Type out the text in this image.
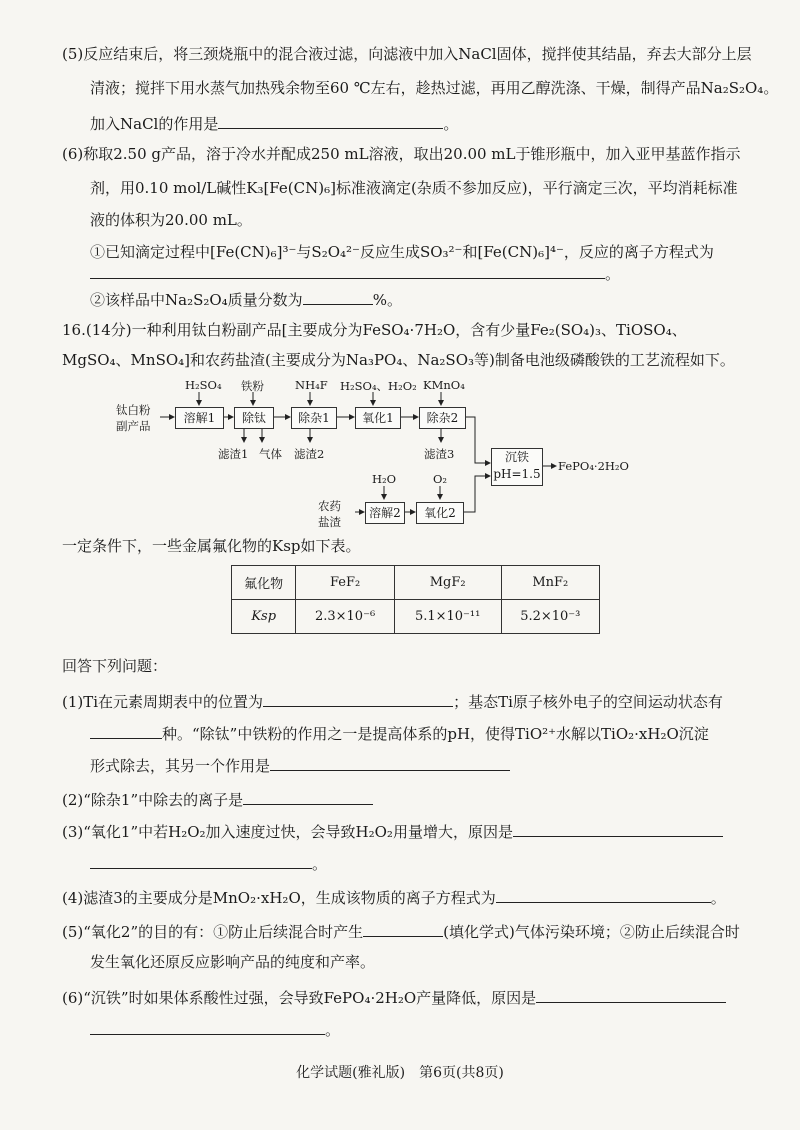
(5)反应结束后，将三颈烧瓶中的混合液过滤，向滤液中加入NaCl固体，搅拌使其结晶，弃去大部分上层
清液；搅拌下用水蒸气加热残余物至60 ℃左右，趁热过滤，再用乙醇洗涤、干燥，制得产品Na₂S₂O₄。
加入NaCl的作用是	。
(6)称取2.50 g产品，溶于冷水并配成250 mL溶液，取出20.00 mL于锥形瓶中，加入亚甲基蓝作指示
剂，用0.10 mol/L碱性K₃[Fe(CN)₆]标准液滴定(杂质不参加反应)，平行滴定三次，平均消耗标准
液的体积为20.00 mL。
①已知滴定过程中[Fe(CN)₆]³⁻与S₂O₄²⁻反应生成SO₃²⁻和[Fe(CN)₆]⁴⁻，反应的离子方程式为
。
②该样品中Na₂S₂O₄质量分数为	%。
16.(14分)一种利用钛白粉副产品[主要成分为FeSO₄·7H₂O，含有少量Fe₂(SO₄)₃、TiOSO₄、
MgSO₄、MnSO₄]和农药盐渣(主要成分为Na₃PO₄、Na₂SO₃等)制备电池级磷酸铁的工艺流程如下。
钛白粉
副产品
农药
盐渣
H₂SO₄ 铁粉	NH₄F H₂SO₄、H₂O₂ KMnO₄
H₂O	O₂
溶解1	除钛	除杂1	氧化1	除杂2
溶解2	氧化2
沉铁
pH=1.5
FePO₄·2H₂O
滤渣1 气体 滤渣2	滤渣3
一定条件下，一些金属氟化物的Ksp如下表。
氟化物	FeF₂	MgF₂	MnF₂
Ksp	2.3×10⁻⁶	5.1×10⁻¹¹	5.2×10⁻³
回答下列问题：
(1)Ti在元素周期表中的位置为	；基态Ti原子核外电子的空间运动状态有
种。“除钛”中铁粉的作用之一是提高体系的pH，使得TiO²⁺水解以TiO₂·xH₂O沉淀
形式除去，其另一个作用是
(2)“除杂1”中除去的离子是
(3)“氧化1”中若H₂O₂加入速度过快，会导致H₂O₂用量增大，原因是
。
(4)滤渣3的主要成分是MnO₂·xH₂O，生成该物质的离子方程式为	。
(5)“氧化2”的目的有：①防止后续混合时产生	(填化学式)气体污染环境；②防止后续混合时
发生氧化还原反应影响产品的纯度和产率。
(6)“沉铁”时如果体系酸性过强，会导致FePO₄·2H₂O产量降低，原因是
。
化学试题(雅礼版)　第6页(共8页)
